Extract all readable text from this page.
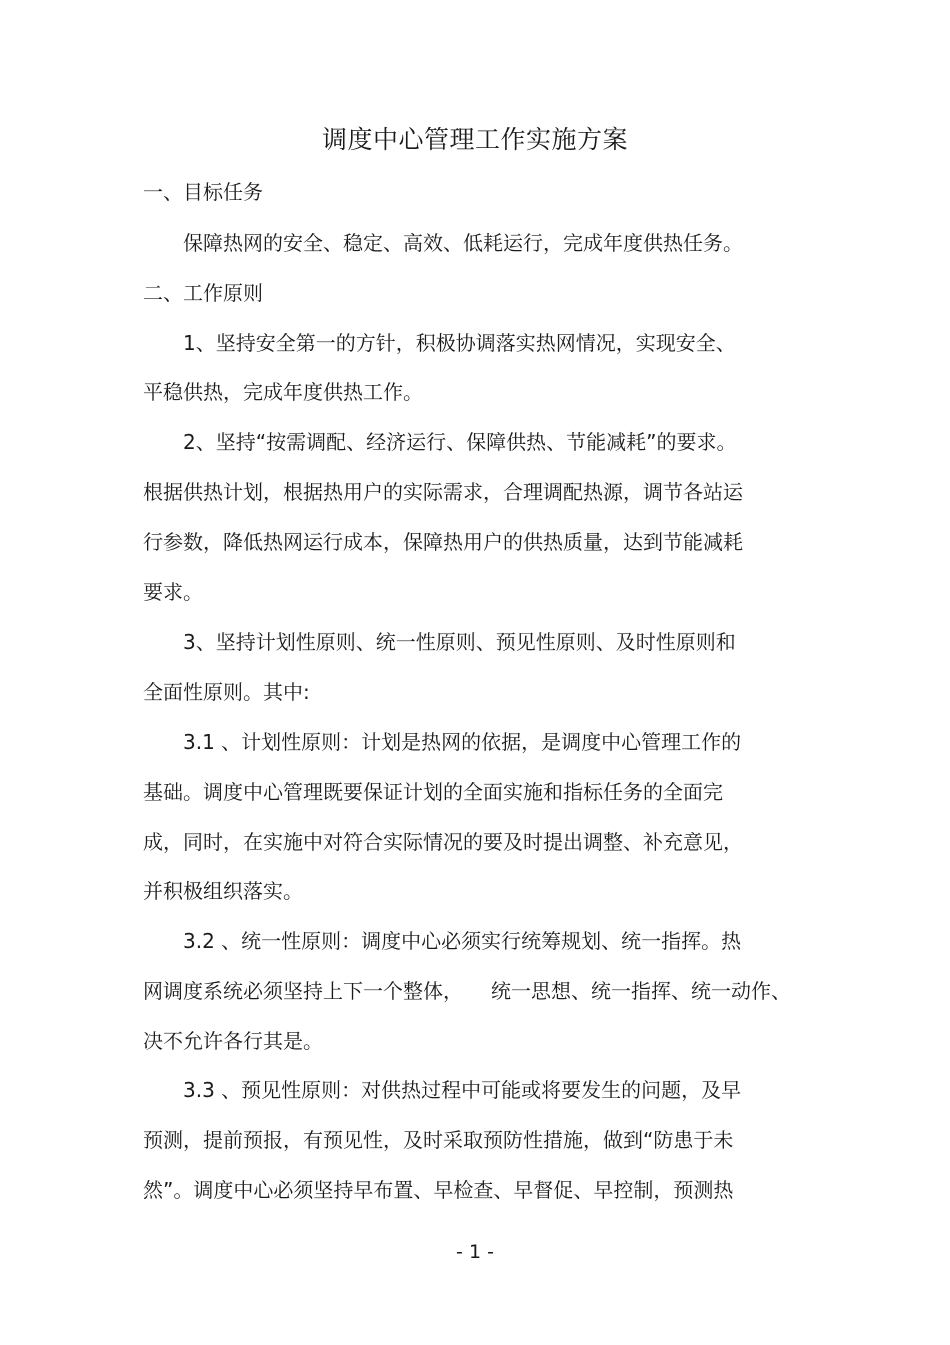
调度中心管理工作实施方案
一、目标任务
保障热网的安全、稳定、高效、低耗运行，完成年度供热任务。
二、工作原则
1、坚持安全第一的方针，积极协调落实热网情况，实现安全、
平稳供热，完成年度供热工作。
2、坚持“按需调配、经济运行、保障供热、节能减耗”的要求。
根据供热计划，根据热用户的实际需求，合理调配热源，调节各站运
行参数，降低热网运行成本，保障热用户的供热质量，达到节能减耗
要求。
3、坚持计划性原则、统一性原则、预见性原则、及时性原则和
全面性原则。其中:
3.1 、计划性原则：计划是热网的依据，是调度中心管理工作的
基础。调度中心管理既要保证计划的全面实施和指标任务的全面完
成，同时，在实施中对符合实际情况的要及时提出调整、补充意见，
并积极组织落实。
3.2 、统一性原则：调度中心必须实行统筹规划、统一指挥。热
网调度系统必须坚持上下一个整体， 统一思想、统一指挥、统一动作、
决不允许各行其是。
3.3 、预见性原则：对供热过程中可能或将要发生的问题，及早
预测，提前预报，有预见性，及时采取预防性措施，做到“防患于未
然”。调度中心必须坚持早布置、早检查、早督促、早控制，预测热
- 1 -
